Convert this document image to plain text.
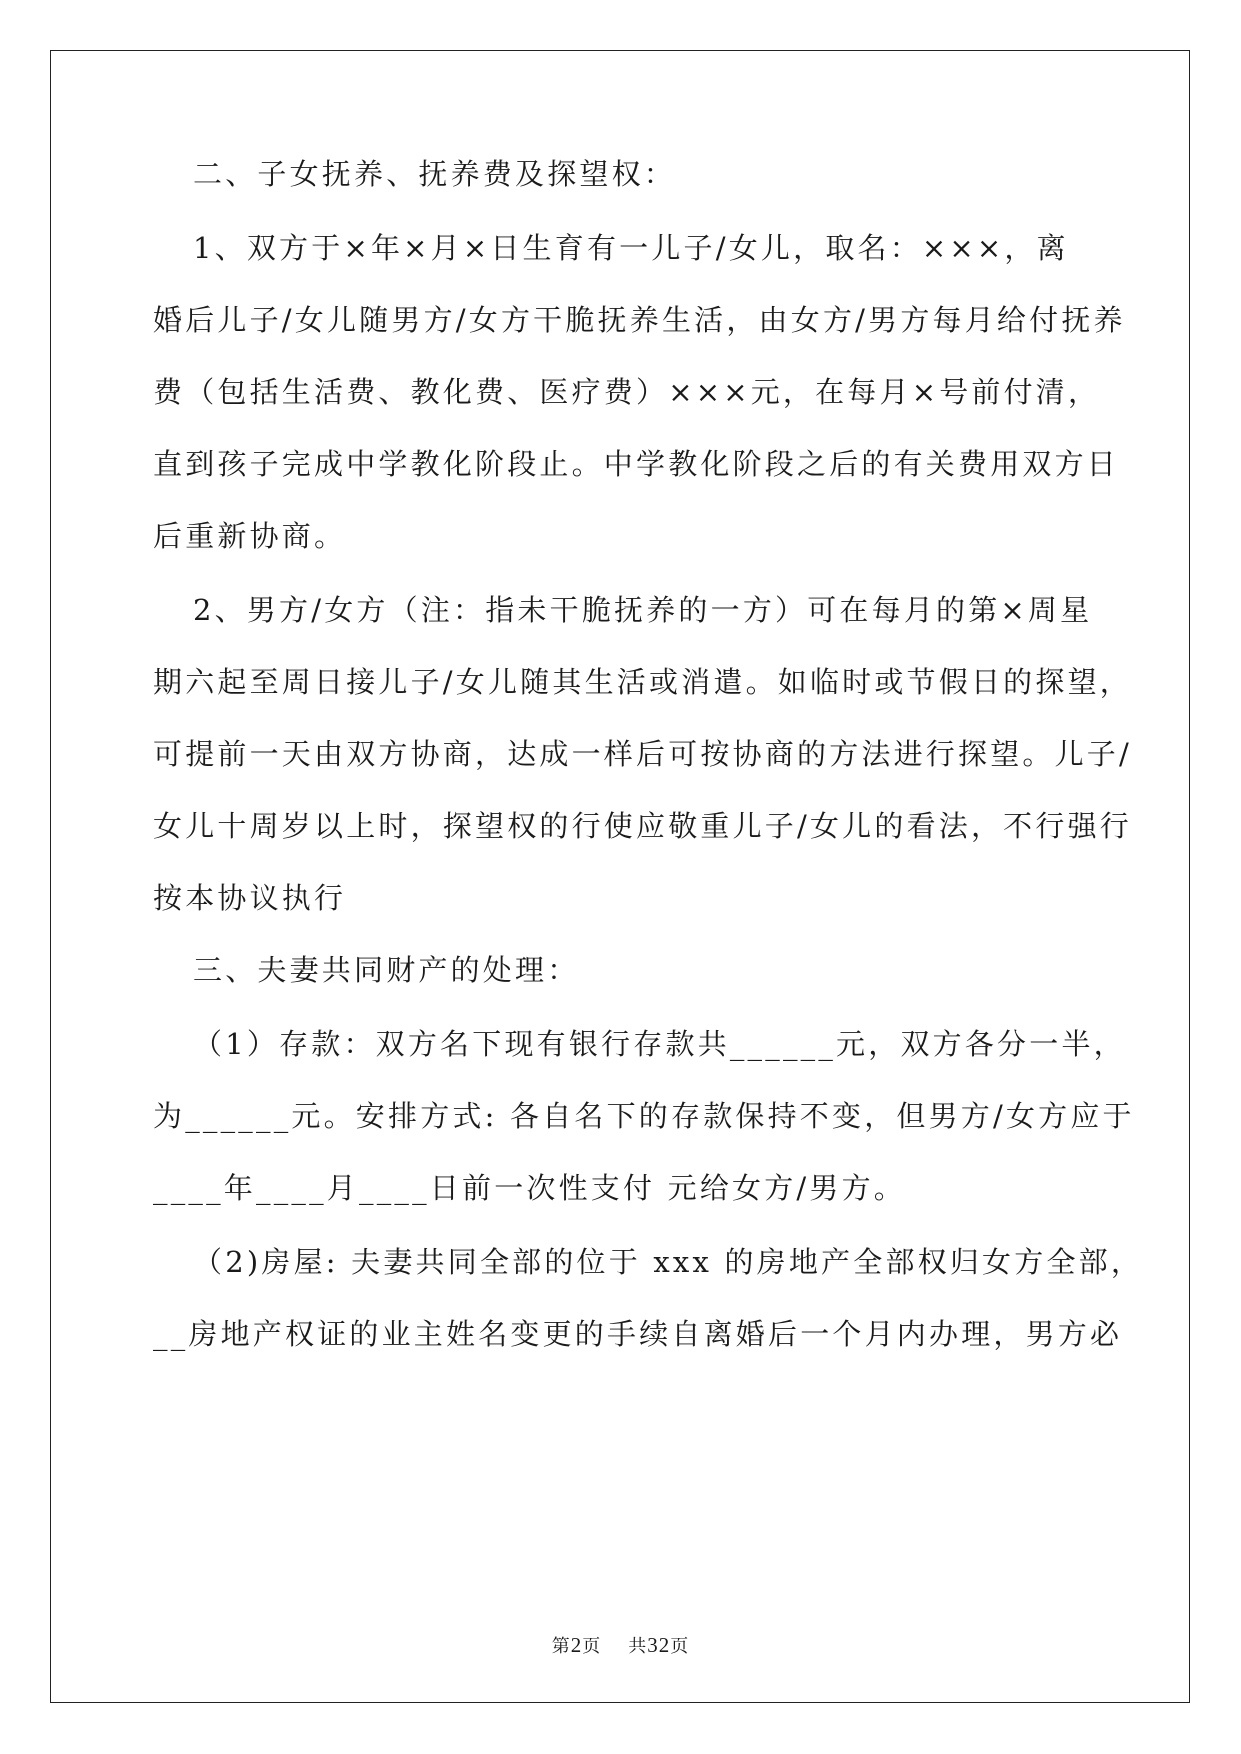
二、子女抚养、抚养费及探望权：
1、双方于×年×月×日生育有一儿子/女儿，取名：×××，离
婚后儿子/女儿随男方/女方干脆抚养生活，由女方/男方每月给付抚养
费（包括生活费、教化费、医疗费）×××元，在每月×号前付清，
直到孩子完成中学教化阶段止。中学教化阶段之后的有关费用双方日
后重新协商。
2、男方/女方（注：指未干脆抚养的一方）可在每月的第×周星
期六起至周日接儿子/女儿随其生活或消遣。如临时或节假日的探望，
可提前一天由双方协商，达成一样后可按协商的方法进行探望。儿子/
女儿十周岁以上时，探望权的行使应敬重儿子/女儿的看法，不行强行
按本协议执行
三、夫妻共同财产的处理：
（1）存款：双方名下现有银行存款共______元，双方各分一半，
为______元。安排方式: 各自名下的存款保持不变，但男方/女方应于
____年____月____日前一次性支付 元给女方/男方。
（2)房屋: 夫妻共同全部的位于 xxx 的房地产全部权归女方全部，
__房地产权证的业主姓名变更的手续自离婚后一个月内办理，男方必
第2页 共32页
